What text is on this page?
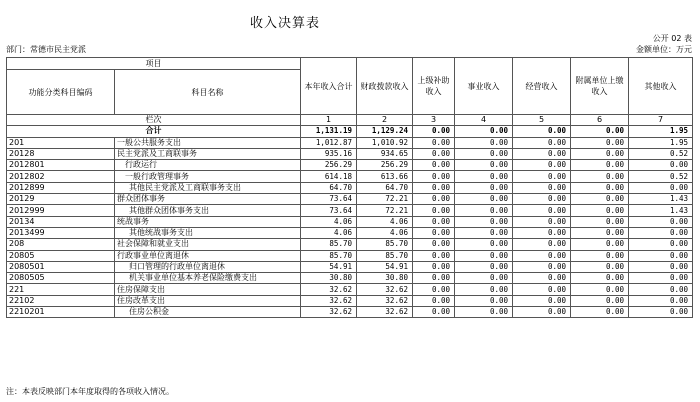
收入决算表
公开 02 表
部门：常德市民主党派	金额单位：万元
项目		本年收入合计	财政拨款收入	上级补助收入	事业收入	经营收入	附属单位上缴收入	其他收入
功能分类科目编码	科目名称							
栏次		1	2	3	4	5	6	7
合计		1,131.19	1,129.24	0.00	0.00	0.00	0.00	1.95
201	一般公共服务支出	1,012.87	1,010.92	0.00	0.00	0.00	0.00	1.95
20128	民主党派及工商联事务	935.16	934.65	0.00	0.00	0.00	0.00	0.52
2012801	行政运行	256.29	256.29	0.00	0.00	0.00	0.00	0.00
2012802	一般行政管理事务	614.18	613.66	0.00	0.00	0.00	0.00	0.52
2012899	其他民主党派及工商联事务支出	64.70	64.70	0.00	0.00	0.00	0.00	0.00
20129	群众团体事务	73.64	72.21	0.00	0.00	0.00	0.00	1.43
2012999	其他群众团体事务支出	73.64	72.21	0.00	0.00	0.00	0.00	1.43
20134	统战事务	4.06	4.06	0.00	0.00	0.00	0.00	0.00
2013499	其他统战事务支出	4.06	4.06	0.00	0.00	0.00	0.00	0.00
208	社会保障和就业支出	85.70	85.70	0.00	0.00	0.00	0.00	0.00
20805	行政事业单位离退休	85.70	85.70	0.00	0.00	0.00	0.00	0.00
2080501	归口管理的行政单位离退休	54.91	54.91	0.00	0.00	0.00	0.00	0.00
2080505	机关事业单位基本养老保险缴费支出	30.80	30.80	0.00	0.00	0.00	0.00	0.00
221	住房保障支出	32.62	32.62	0.00	0.00	0.00	0.00	0.00
22102	住房改革支出	32.62	32.62	0.00	0.00	0.00	0.00	0.00
2210201	住房公积金	32.62	32.62	0.00	0.00	0.00	0.00	0.00
注：本表反映部门本年度取得的各项收入情况。
